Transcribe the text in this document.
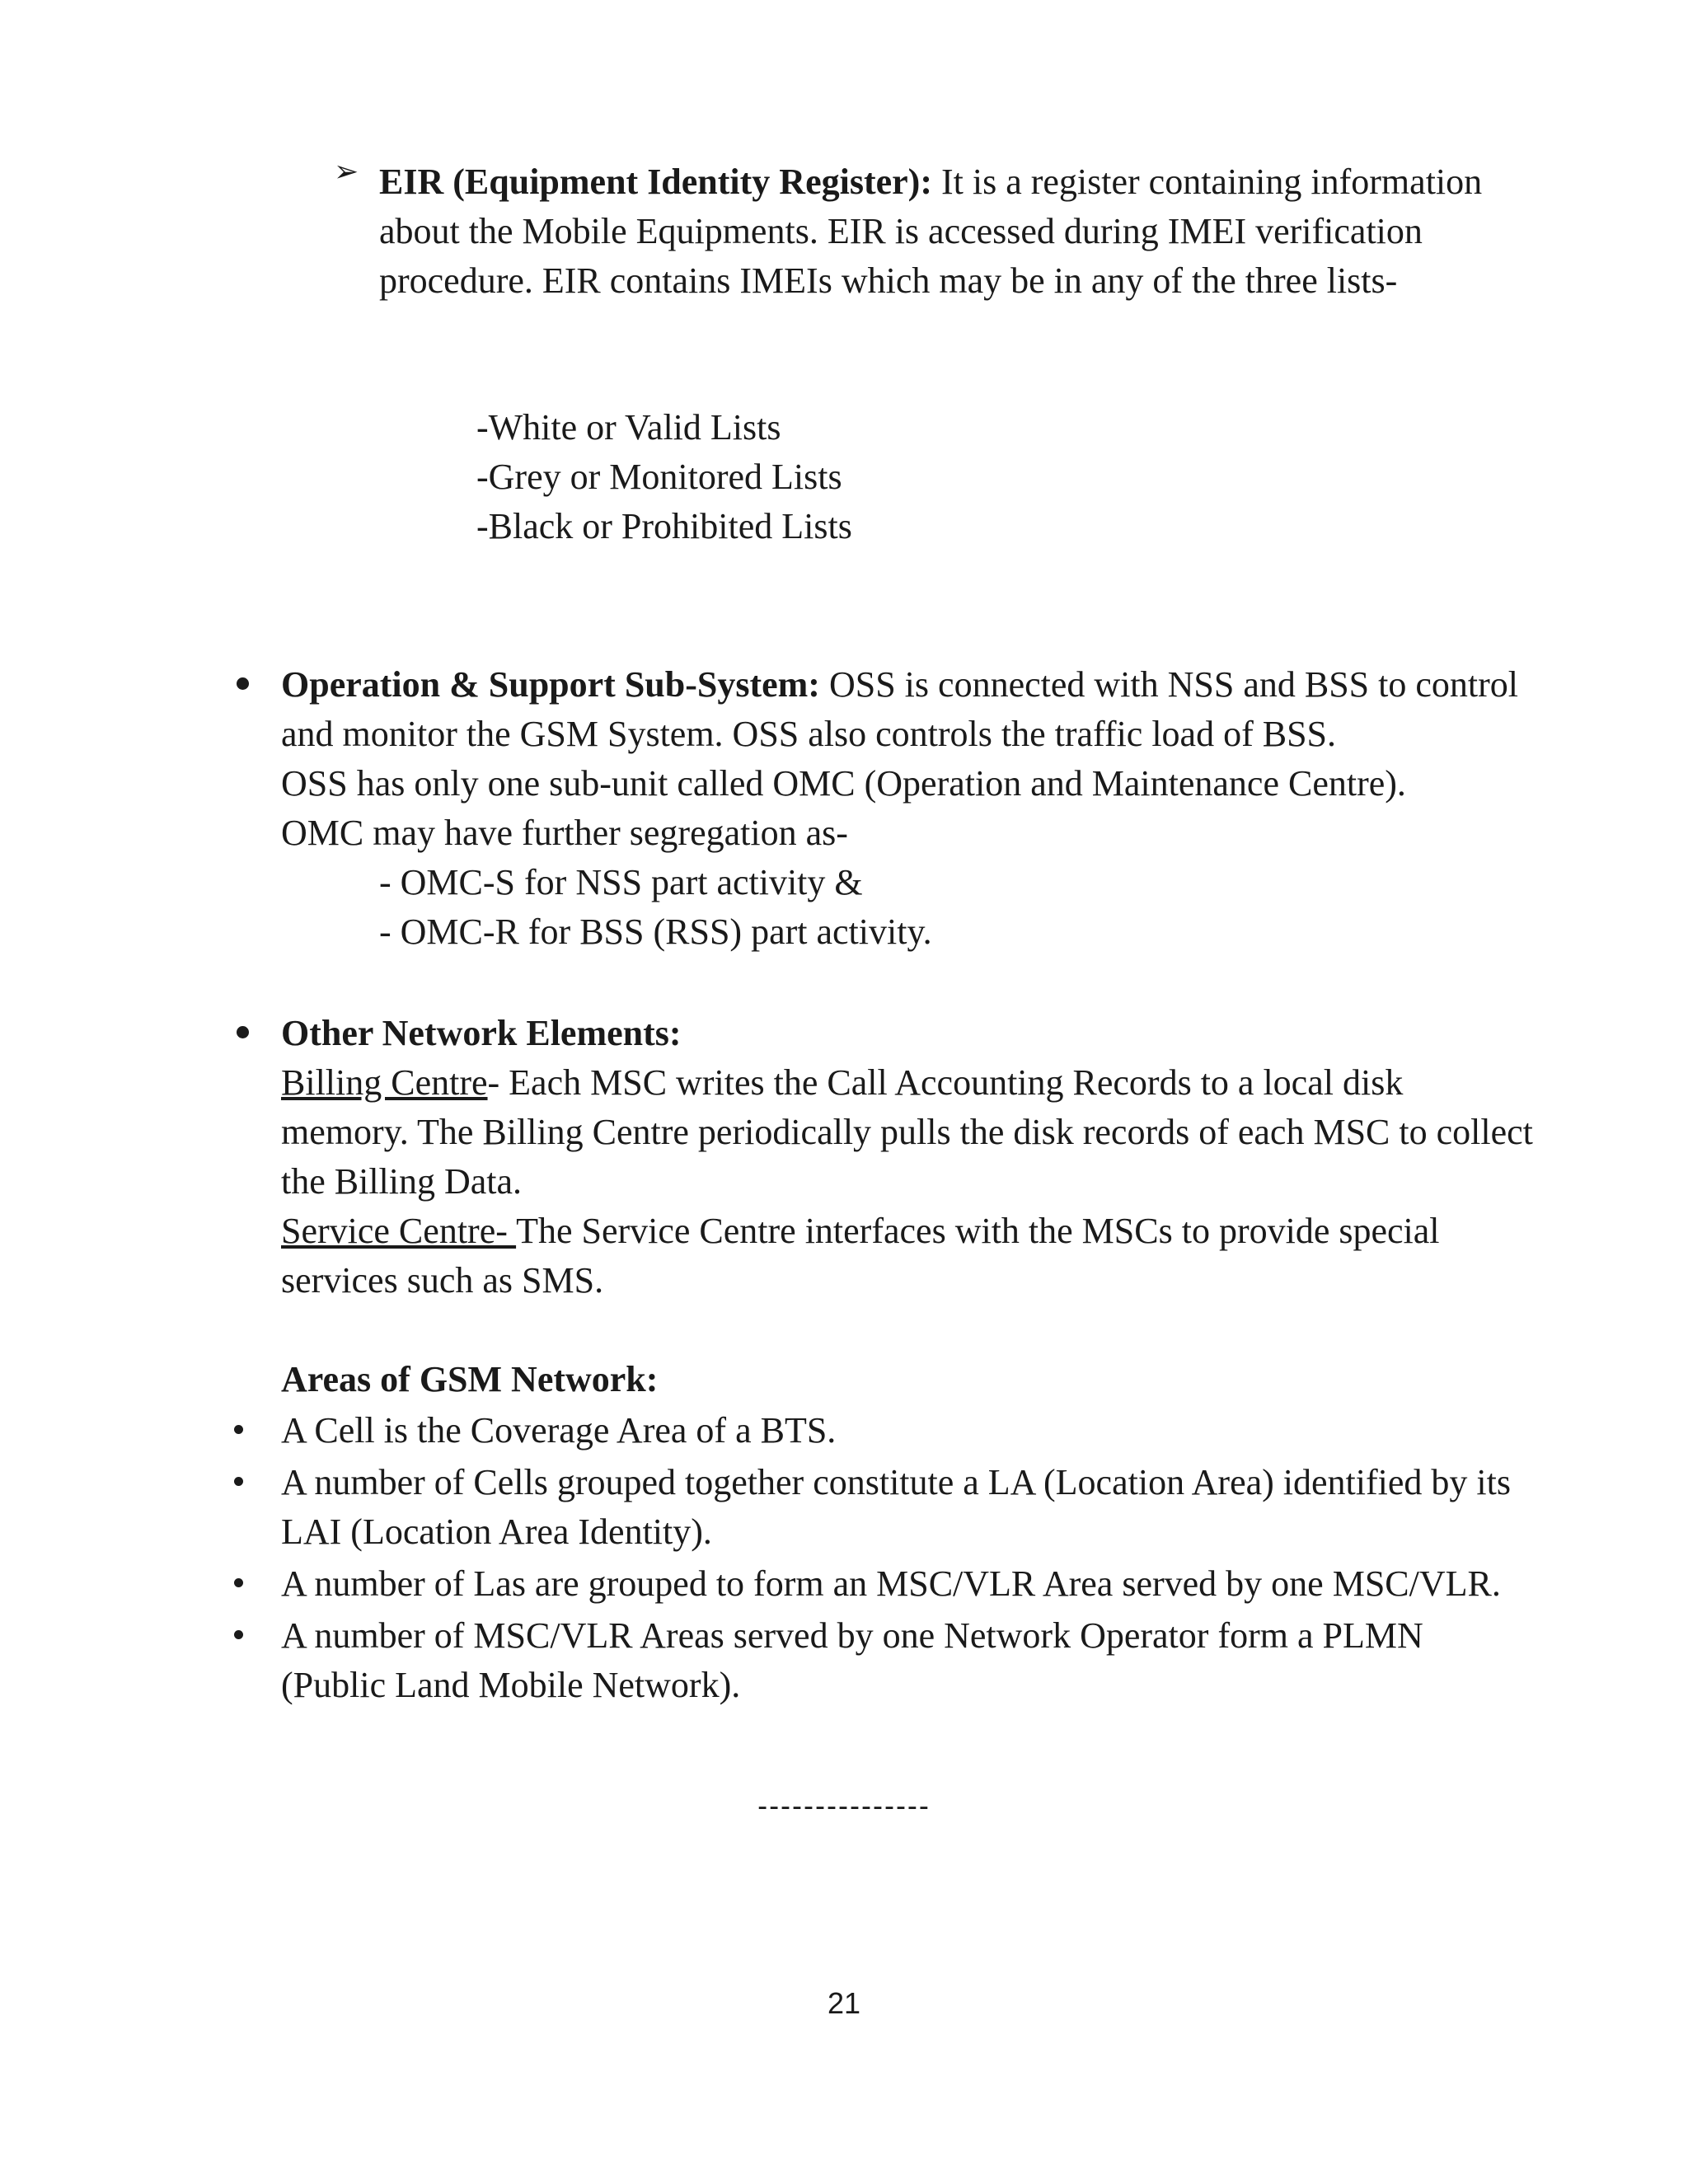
➢ EIR (Equipment Identity Register): It is a register containing information
about the Mobile Equipments. EIR is accessed during IMEI verification
procedure. EIR contains IMEIs which may be in any of the three lists-
-White or Valid Lists
-Grey or Monitored Lists
-Black or Prohibited Lists
Operation & Support Sub-System: OSS is connected with NSS and BSS to control
and monitor the GSM System. OSS also controls the traffic load of BSS.
OSS has only one sub-unit called OMC (Operation and Maintenance Centre).
OMC may have further segregation as-
- OMC-S for NSS part activity &
- OMC-R for BSS (RSS) part activity.
Other Network Elements:
Billing Centre- Each MSC writes the Call Accounting Records to a local disk
memory. The Billing Centre periodically pulls the disk records of each MSC to collect
the Billing Data.
Service Centre- The Service Centre interfaces with the MSCs to provide special
services such as SMS.
Areas of GSM Network:
A Cell is the Coverage Area of a BTS.
A number of Cells grouped together constitute a LA (Location Area) identified by its
LAI (Location Area Identity).
A number of Las are grouped to form an MSC/VLR Area served by one MSC/VLR.
A number of MSC/VLR Areas served by one Network Operator form a PLMN
(Public Land Mobile Network).
---------------
21
